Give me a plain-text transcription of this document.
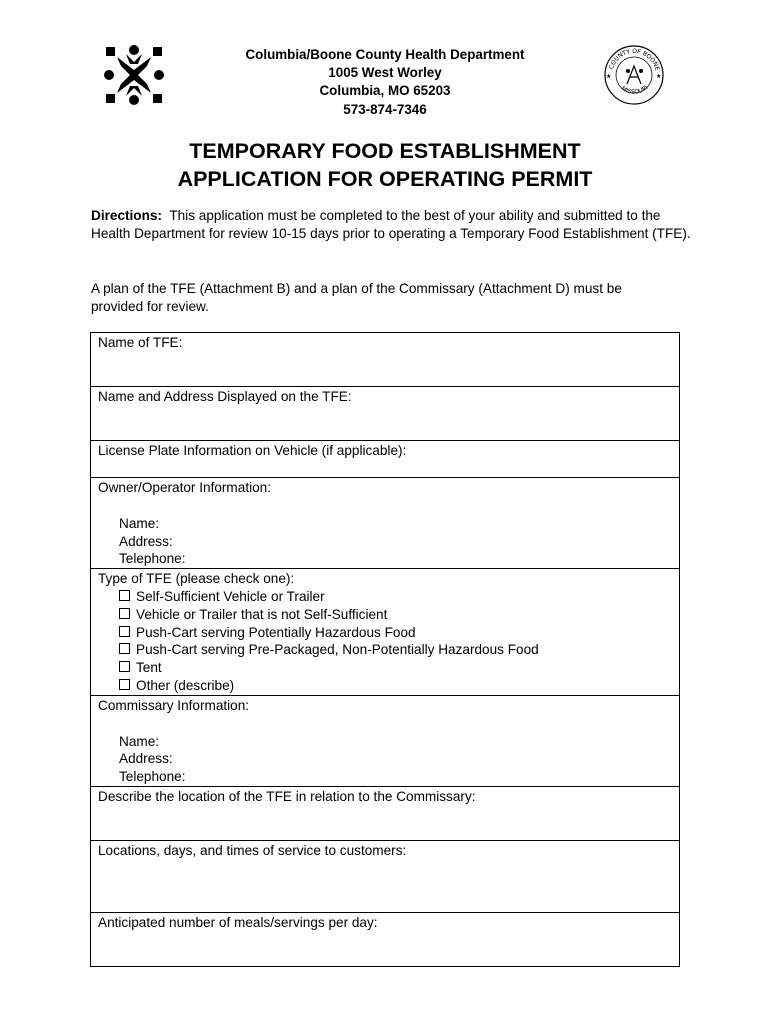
COUNTY OF BOONE
MISSOURI
★	★
Columbia/Boone County Health Department
1005 West Worley
Columbia, MO 65203
573-874-7346
TEMPORARY FOOD ESTABLISHMENT
APPLICATION FOR OPERATING PERMIT
Directions: This application must be completed to the best of your ability and submitted to the Health Department for review 10-15 days prior to operating a Temporary Food Establishment (TFE).
A plan of the TFE (Attachment B) and a plan of the Commissary (Attachment D) must be provided for review.
Name of TFE:
Name and Address Displayed on the TFE:
License Plate Information on Vehicle (if applicable):

Owner/Operator Information:
Name:
Address:
Telephone:

Type of TFE (please check one):
Self-Sufficient Vehicle or Trailer
Vehicle or Trailer that is not Self-Sufficient
Push-Cart serving Potentially Hazardous Food
Push-Cart serving Pre-Packaged, Non-Potentially Hazardous Food
Tent
Other (describe)

Commissary Information:
Name:
Address:
Telephone:

Describe the location of the TFE in relation to the Commissary:
Locations, days, and times of service to customers:
Anticipated number of meals/servings per day:
